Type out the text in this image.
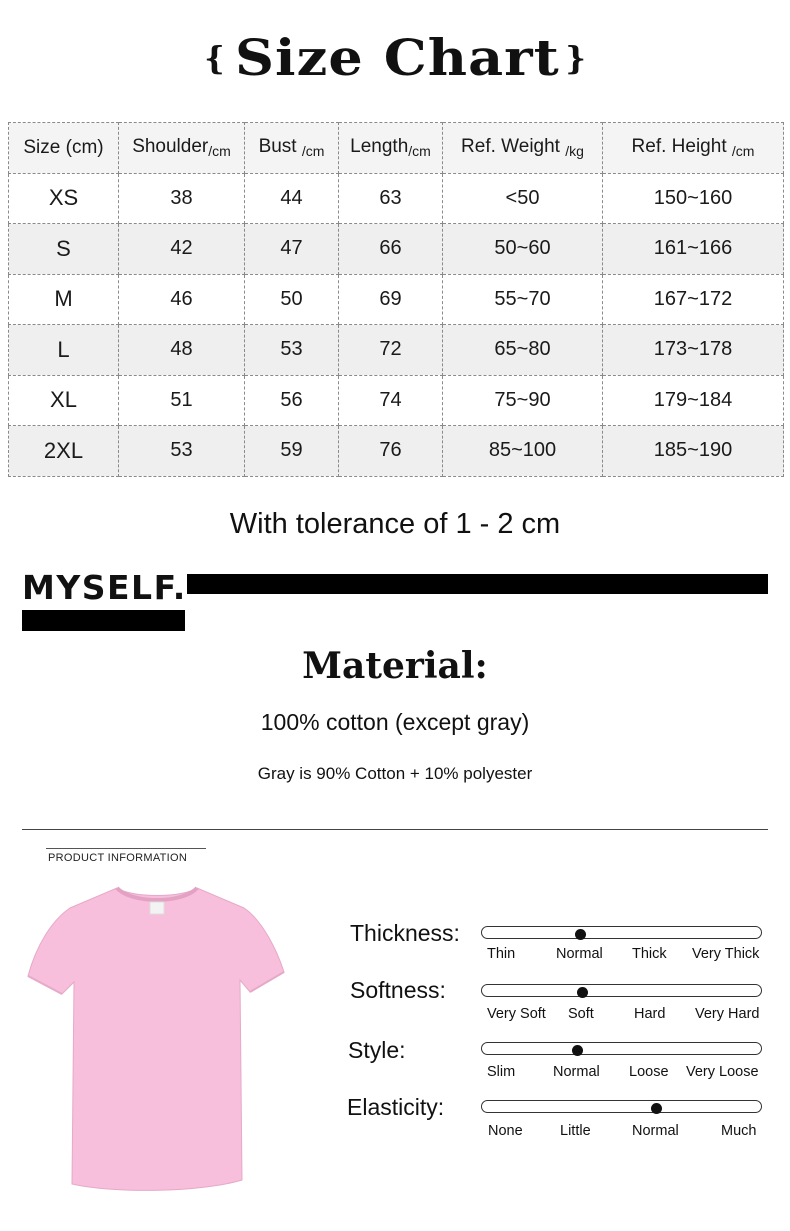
{ Size Chart }
Size (cm)	Shoulder$_{/cm}$	Bust $_{/cm}$	Length$_{/cm}$	Ref. Weight $_{/kg}$	Ref. Height $_{/cm}$
XS	38	44	63	<50	150~160
S	42	47	66	50~60	161~166
M	46	50	69	55~70	167~172
L	48	53	72	65~80	173~178
XL	51	56	74	75~90	179~184
2XL	53	59	76	85~100	185~190
With tolerance of 1 - 2 cm
MYSELF.
Material:
100% cotton (except gray)
Gray is 90% Cotton + 10% polyester
PRODUCT INFORMATION
Thickness:
Thin	Normal Thick Very Thick
Softness:
Very Soft Soft	Hard Very Hard
Style:
Slim	Normal Loose Very Loose
Elasticity:
None	Little	Normal	Much
